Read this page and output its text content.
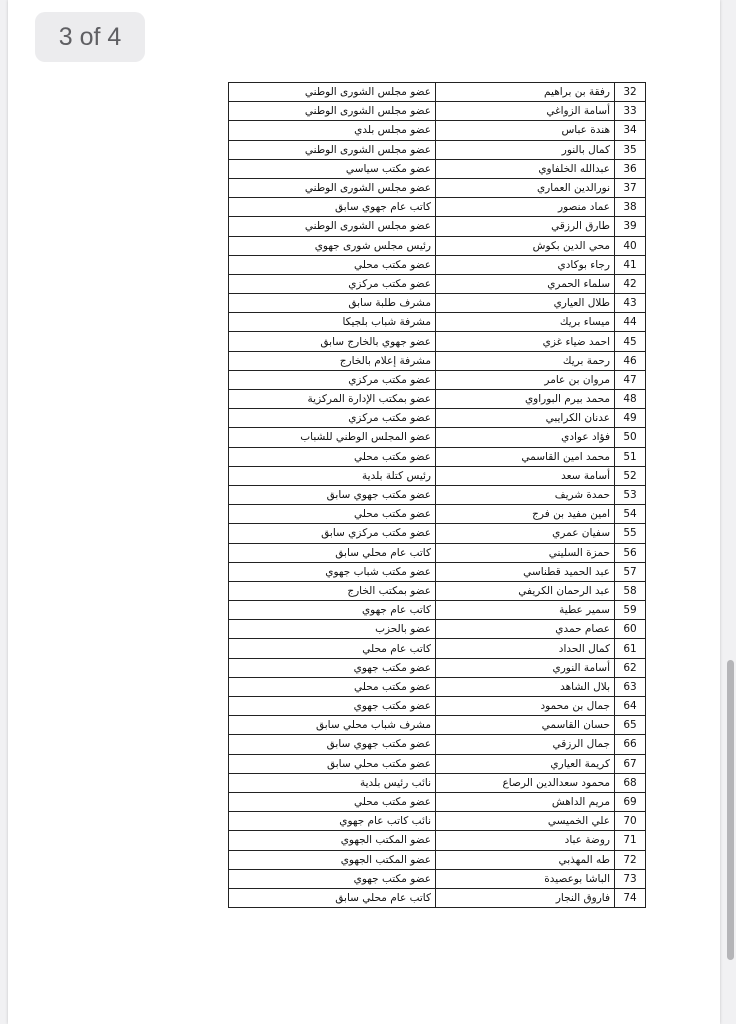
3 of 4
32	رفقة بن براهيم	عضو مجلس الشورى الوطني
33	أسامة الزواغي	عضو مجلس الشورى الوطني
34	هندة عباس	عضو مجلس بلدي
35	كمال بالنور	عضو مجلس الشورى الوطني
36	عبدالله الخلفاوي	عضو مكتب سياسي
37	نورالدين العماري	عضو مجلس الشورى الوطني
38	عماد منصور	كاتب عام جهوي سابق
39	طارق الرزقي	عضو مجلس الشورى الوطني
40	محي الدين بكوش	رئيس مجلس شورى جهوي
41	رجاء بوكادي	عضو مكتب محلي
42	سلماء الحمري	عضو مكتب مركزي
43	طلال العياري	مشرف طلبة سابق
44	ميساء بريك	مشرفة شباب بلجيكا
45	احمد ضياء غزي	عضو جهوي بالخارج سابق
46	رحمة بريك	مشرفة إعلام بالخارج
47	مروان بن عامر	عضو مكتب مركزي
48	محمد بيرم البوراوي	عضو بمكتب الإدارة المركزية
49	عدنان الكرايبي	عضو مكتب مركزي
50	فؤاد عوادي	عضو المجلس الوطني للشباب
51	محمد امين القاسمي	عضو مكتب محلي
52	أسامة سعد	رئيس كتلة بلدية
53	حمدة شريف	عضو مكتب جهوي سابق
54	امين مفيد بن فرج	عضو مكتب محلي
55	سفيان عمري	عضو مكتب مركزي سابق
56	حمزة السليني	كاتب عام محلي سابق
57	عبد الحميد قطناسي	عضو مكتب شباب جهوي
58	عبد الرحمان الكريفي	عضو بمكتب الخارج
59	سمير عطية	كاتب عام جهوي
60	عصام حمدي	عضو بالحزب
61	كمال الحداد	كاتب عام محلي
62	أسامة النوري	عضو مكتب جهوي
63	بلال الشاهد	عضو مكتب محلي
64	جمال بن محمود	عضو مكتب جهوي
65	حسان القاسمي	مشرف شباب محلي سابق
66	جمال الرزقي	عضو مكتب جهوي سابق
67	كريمة العياري	عضو مكتب محلي سابق
68	محمود سعدالدين الرصاع	نائب رئيس بلدية
69	مريم الداهش	عضو مكتب محلي
70	علي الخميسي	نائب كاتب عام جهوي
71	روضة عباد	عضو المكتب الجهوي
72	طه المهذبي	عضو المكتب الجهوي
73	الباشا بوعصيدة	عضو مكتب جهوي
74	فاروق النجار	كاتب عام محلي سابق
